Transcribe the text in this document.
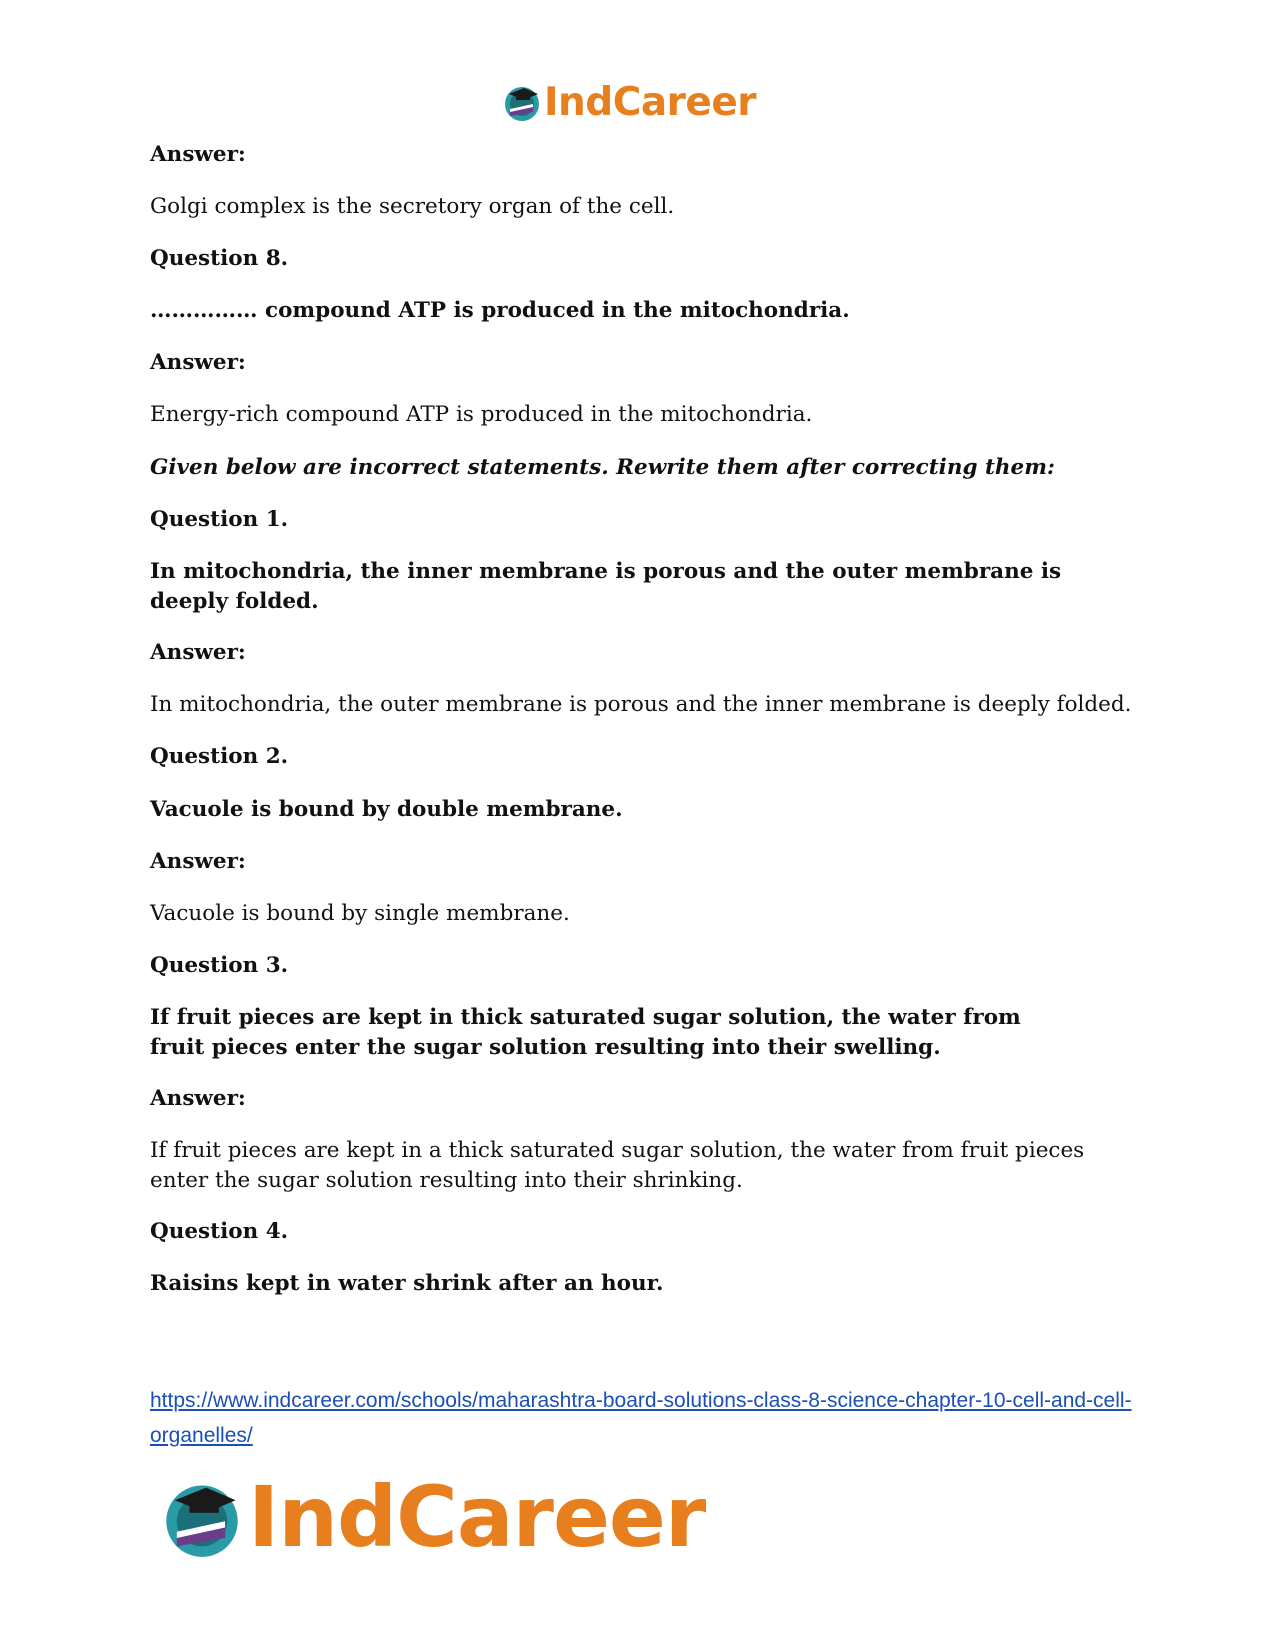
IndCareer

Answer:

Golgi complex is the secretory organ of the cell.

Question 8.

…………… compound ATP is produced in the mitochondria.

Answer:

Energy-rich compound ATP is produced in the mitochondria.

Given below are incorrect statements. Rewrite them after correcting them:

Question 1.

In mitochondria, the inner membrane is porous and the outer membrane is deeply folded.

Answer:

In mitochondria, the outer membrane is porous and the inner membrane is deeply folded.

Question 2.

Vacuole is bound by double membrane.

Answer:

Vacuole is bound by single membrane.

Question 3.

If fruit pieces are kept in thick saturated sugar solution, the water from fruit pieces enter the sugar solution resulting into their swelling.

Answer:

If fruit pieces are kept in a thick saturated sugar solution, the water from fruit pieces enter the sugar solution resulting into their shrinking.

Question 4.

Raisins kept in water shrink after an hour.

https://www.indcareer.com/schools/maharashtra-board-solutions-class-8-science-chapter-10-cell-and-cell-organelles/
IndCareer
